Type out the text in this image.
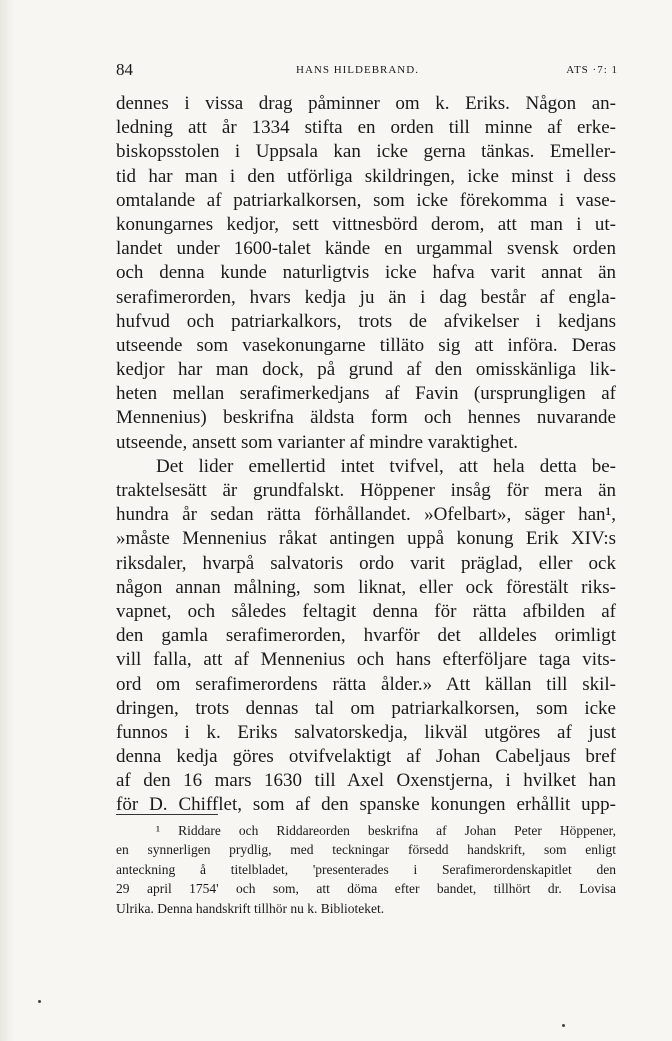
84	HANS HILDEBRAND.	ATS ·7: 1
dennes i vissa drag påminner om k. Eriks. Någon an-
ledning att år 1334 stifta en orden till minne af erke-
biskopsstolen i Uppsala kan icke gerna tänkas. Emeller-
tid har man i den utförliga skildringen, icke minst i dess
omtalande af patriarkalkorsen, som icke förekomma i vase-
konungarnes kedjor, sett vittnesbörd derom, att man i ut-
landet under 1600-talet kände en urgammal svensk orden
och denna kunde naturligtvis icke hafva varit annat än
serafimerorden, hvars kedja ju än i dag består af engla-
hufvud och patriarkalkors, trots de afvikelser i kedjans
utseende som vasekonungarne tilläto sig att införa. Deras
kedjor har man dock, på grund af den omisskänliga lik-
heten mellan serafimerkedjans af Favin (ursprungligen af
Mennenius) beskrifna äldsta form och hennes nuvarande
utseende, ansett som varianter af mindre varaktighet.
Det lider emellertid intet tvifvel, att hela detta be-
traktelsesätt är grundfalskt. Höppener insåg för mera än
hundra år sedan rätta förhållandet. »Ofelbart», säger han¹,
»måste Mennenius råkat antingen uppå konung Erik XIV:s
riksdaler, hvarpå salvatoris ordo varit präglad, eller ock
någon annan målning, som liknat, eller ock förestält riks-
vapnet, och således feltagit denna för rätta afbilden af
den gamla serafimerorden, hvarför det alldeles orimligt
vill falla, att af Mennenius och hans efterföljare taga vits-
ord om serafimerordens rätta ålder.» Att källan till skil-
dringen, trots dennas tal om patriarkalkorsen, som icke
funnos i k. Eriks salvatorskedja, likväl utgöres af just
denna kedja göres otvifvelaktigt af Johan Cabeljaus bref
af den 16 mars 1630 till Axel Oxenstjerna, i hvilket han
för D. Chifflet, som af den spanske konungen erhållit upp-
¹ Riddare och Riddareorden beskrifna af Johan Peter Höppener,
en synnerligen prydlig, med teckningar försedd handskrift, som enligt
anteckning å titelbladet, 'presenterades i Serafimerordenskapitlet den
29 april 1754' och som, att döma efter bandet, tillhört dr. Lovisa
Ulrika. Denna handskrift tillhör nu k. Biblioteket.
